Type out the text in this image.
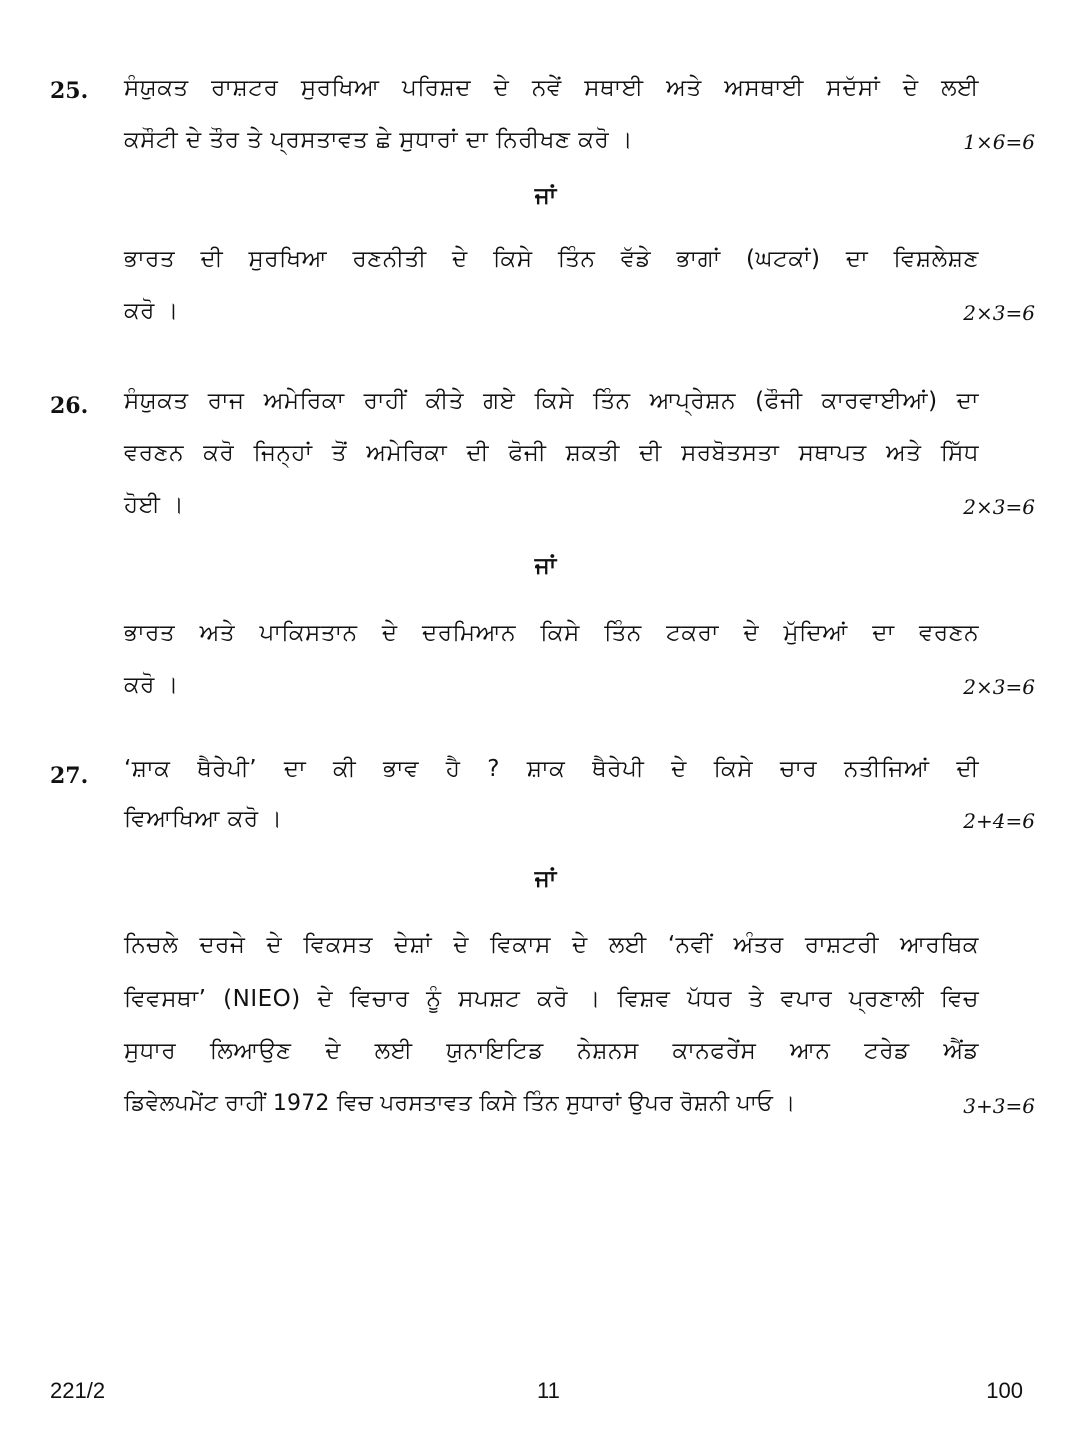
25. ਸੰਯੁਕਤ ਰਾਸ਼ਟਰ ਸੁਰਖਿਆ ਪਰਿਸ਼ਦ ਦੇ ਨਵੇਂ ਸਥਾਈ ਅਤੇ ਅਸਥਾਈ ਸਦੱਸਾਂ ਦੇ ਲਈ
ਕਸੌਟੀ ਦੇ ਤੌਰ ਤੇ ਪ੍ਰਸਤਾਵਤ ਛੇ ਸੁਧਾਰਾਂ ਦਾ ਨਿਰੀਖਣ ਕਰੋ ।	1×6=6
ਜਾਂ
ਭਾਰਤ ਦੀ ਸੁਰਖਿਆ ਰਣਨੀਤੀ ਦੇ ਕਿਸੇ ਤਿੰਨ ਵੱਡੇ ਭਾਗਾਂ (ਘਟਕਾਂ) ਦਾ ਵਿਸ਼ਲੇਸ਼ਣ
ਕਰੋ ।	2×3=6
26. ਸੰਯੁਕਤ ਰਾਜ ਅਮੇਰਿਕਾ ਰਾਹੀਂ ਕੀਤੇ ਗਏ ਕਿਸੇ ਤਿੰਨ ਆਪ੍ਰੇਸ਼ਨ (ਫੌਜੀ ਕਾਰਵਾਈਆਂ) ਦਾ
ਵਰਣਨ ਕਰੋ ਜਿਨ੍ਹਾਂ ਤੋਂ ਅਮੇਰਿਕਾ ਦੀ ਫੋਜੀ ਸ਼ਕਤੀ ਦੀ ਸਰਬੋਤਸਤਾ ਸਥਾਪਤ ਅਤੇ ਸਿੱਧ
ਹੋਈ ।	2×3=6
ਜਾਂ
ਭਾਰਤ ਅਤੇ ਪਾਕਿਸਤਾਨ ਦੇ ਦਰਮਿਆਨ ਕਿਸੇ ਤਿੰਨ ਟਕਰਾ ਦੇ ਮੁੱਦਿਆਂ ਦਾ ਵਰਣਨ
ਕਰੋ ।	2×3=6
27. ‘ਸ਼ਾਕ ਥੈਰੇਪੀ’ ਦਾ ਕੀ ਭਾਵ ਹੈ ? ਸ਼ਾਕ ਥੈਰੇਪੀ ਦੇ ਕਿਸੇ ਚਾਰ ਨਤੀਜਿਆਂ ਦੀ
ਵਿਆਖਿਆ ਕਰੋ ।	2+4=6
ਜਾਂ
ਨਿਚਲੇ ਦਰਜੇ ਦੇ ਵਿਕਸਤ ਦੇਸ਼ਾਂ ਦੇ ਵਿਕਾਸ ਦੇ ਲਈ ‘ਨਵੀਂ ਅੰਤਰ ਰਾਸ਼ਟਰੀ ਆਰਥਿਕ
ਵਿਵਸਥਾ’ (NIEO) ਦੇ ਵਿਚਾਰ ਨੂੰ ਸਪਸ਼ਟ ਕਰੋ । ਵਿਸ਼ਵ ਪੱਧਰ ਤੇ ਵਪਾਰ ਪ੍ਰਣਾਲੀ ਵਿਚ
ਸੁਧਾਰ ਲਿਆਉਣ ਦੇ ਲਈ ਯੁਨਾਇਟਿਡ ਨੇਸ਼ਨਸ ਕਾਨਫਰੇਂਸ ਆਨ ਟਰੇਡ ਐਂਡ
ਡਿਵੇਲਪਮੇਂਟ ਰਾਹੀਂ 1972 ਵਿਚ ਪਰਸਤਾਵਤ ਕਿਸੇ ਤਿੰਨ ਸੁਧਾਰਾਂ ਉਪਰ ਰੋਸ਼ਨੀ ਪਾਓ ।	3+3=6
221/2	11	100
